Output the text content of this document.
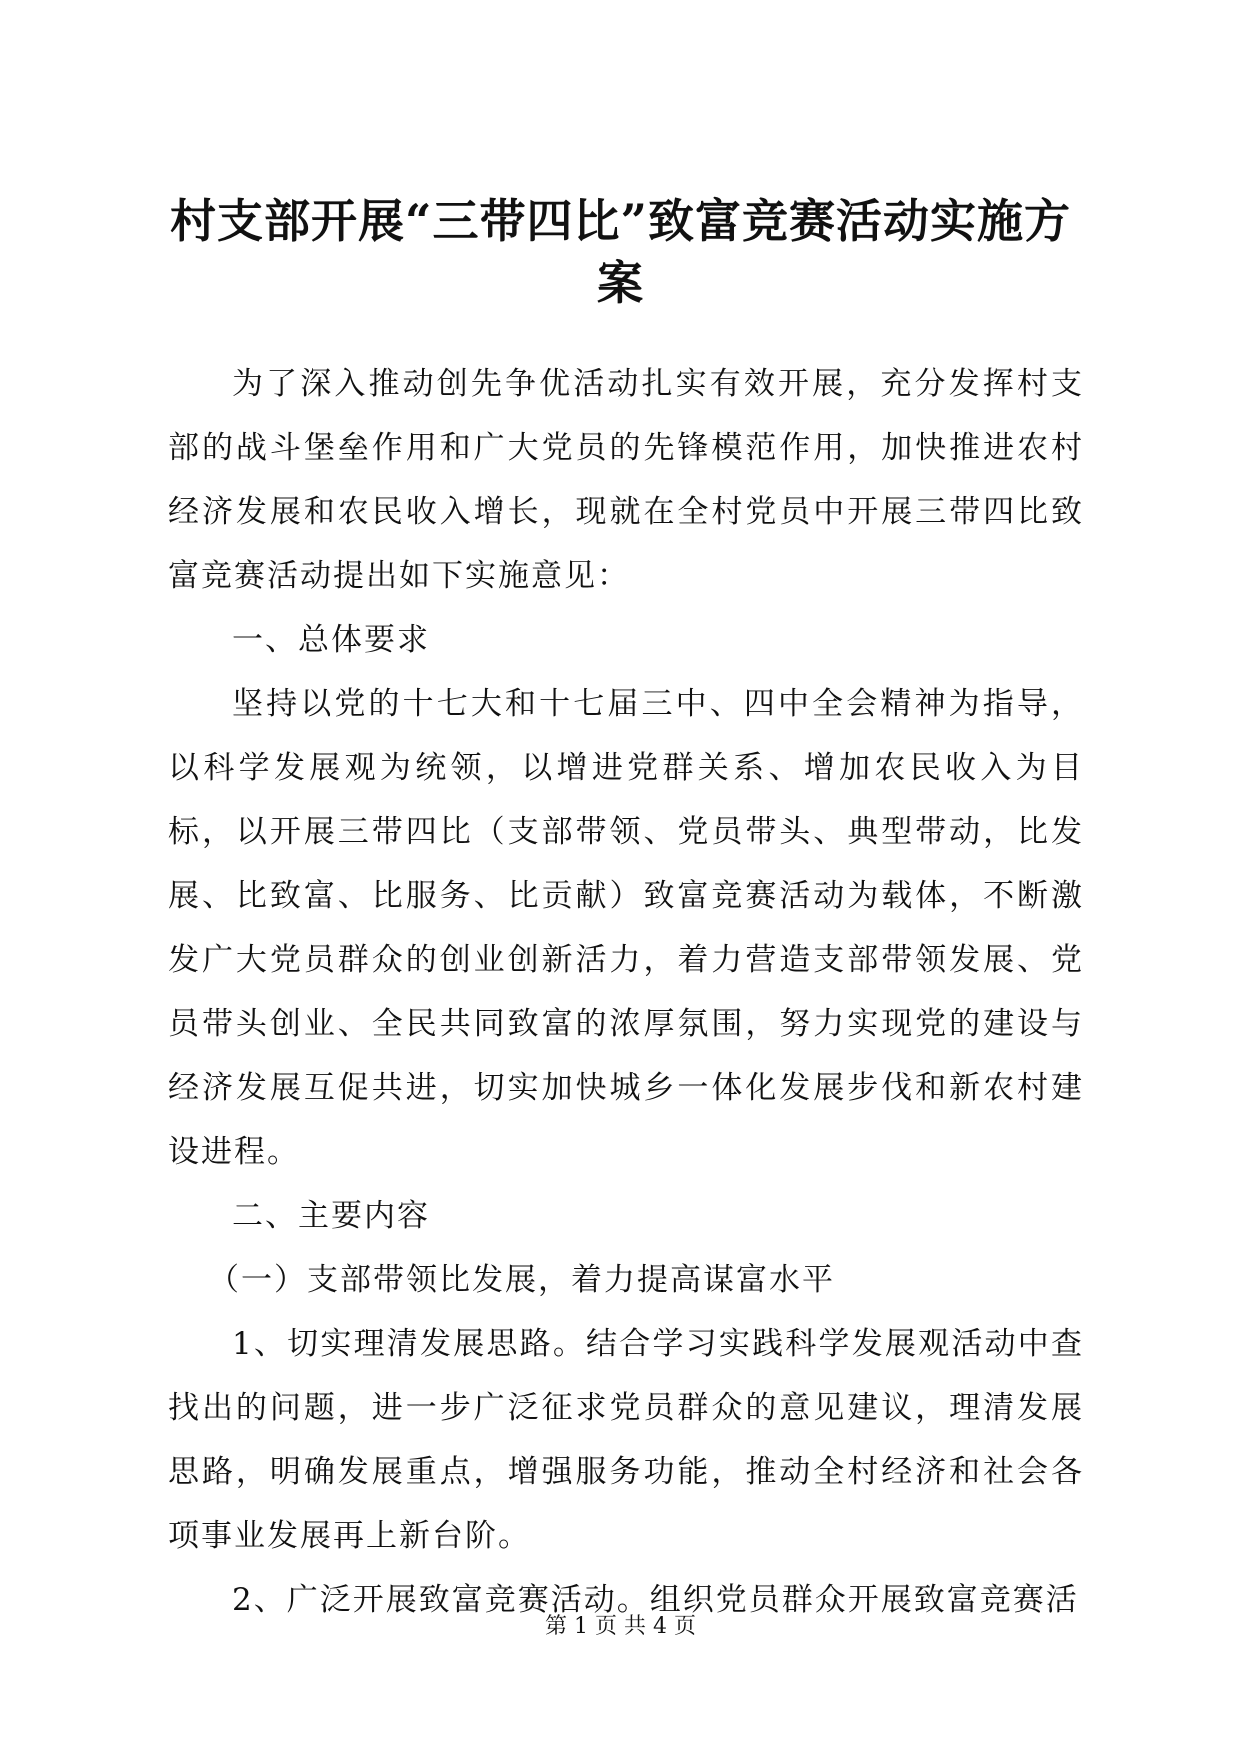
村支部开展“三带四比”致富竞赛活动实施方案

为了深入推动创先争优活动扎实有效开展，充分发挥村支部的战斗堡垒作用和广大党员的先锋模范作用，加快推进农村经济发展和农民收入增长，现就在全村党员中开展三带四比致富竞赛活动提出如下实施意见：

一、总体要求

坚持以党的十七大和十七届三中、四中全会精神为指导，以科学发展观为统领，以增进党群关系、增加农民收入为目标，以开展三带四比（支部带领、党员带头、典型带动，比发展、比致富、比服务、比贡献）致富竞赛活动为载体，不断激发广大党员群众的创业创新活力，着力营造支部带领发展、党员带头创业、全民共同致富的浓厚氛围，努力实现党的建设与经济发展互促共进，切实加快城乡一体化发展步伐和新农村建设进程。

二、主要内容

（一）支部带领比发展，着力提高谋富水平

1、切实理清发展思路。结合学习实践科学发展观活动中查找出的问题，进一步广泛征求党员群众的意见建议，理清发展思路，明确发展重点，增强服务功能，推动全村经济和社会各项事业发展再上新台阶。

2、广泛开展致富竞赛活动。组织党员群众开展致富竞赛活

第 1 页 共 4 页
